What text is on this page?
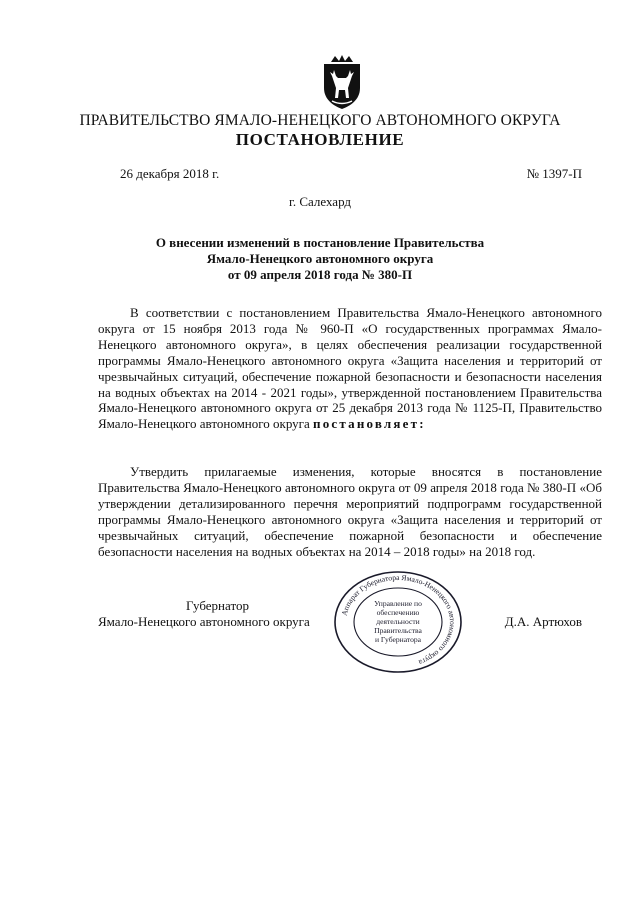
ПРАВИТЕЛЬСТВО ЯМАЛО-НЕНЕЦКОГО АВТОНОМНОГО ОКРУГА
ПОСТАНОВЛЕНИЕ
26 декабря 2018 г.	№ 1397-П
г. Салехард
О внесении изменений в постановление Правительства
Ямало-Ненецкого автономного округа
от 09 апреля 2018 года № 380-П

В соответствии с постановлением Правительства Ямало-Ненецкого автономного округа от 15 ноября 2013 года № 960-П «О государственных программах Ямало-Ненецкого автономного округа», в целях обеспечения реализации государственной программы Ямало-Ненецкого автономного округа «Защита населения и территорий от чрезвычайных ситуаций, обеспечение пожарной безопасности и безопасности населения на водных объектах на 2014 - 2021 годы», утвержденной постановлением Правительства Ямало-Ненецкого автономного округа от 25 декабря 2013 года № 1125-П, Правительство Ямало-Ненецкого автономного округа постановляет:

Утвердить прилагаемые изменения, которые вносятся в постановление Правительства Ямало-Ненецкого автономного округа от 09 апреля 2018 года № 380-П «Об утверждении детализированного перечня мероприятий подпрограмм государственной программы Ямало-Ненецкого автономного округа «Защита населения и территорий от чрезвычайных ситуаций, обеспечение пожарной безопасности и обеспечение безопасности населения на водных объектах на 2014 – 2018 годы» на 2018 год.

Губернатор
Ямало-Ненецкого автономного округа
Аппарат Губернатора Ямало-Ненецкого автономного округа
Управление по
обеспечению
деятельности
Правительства
и Губернатора
Д.А. Артюхов
